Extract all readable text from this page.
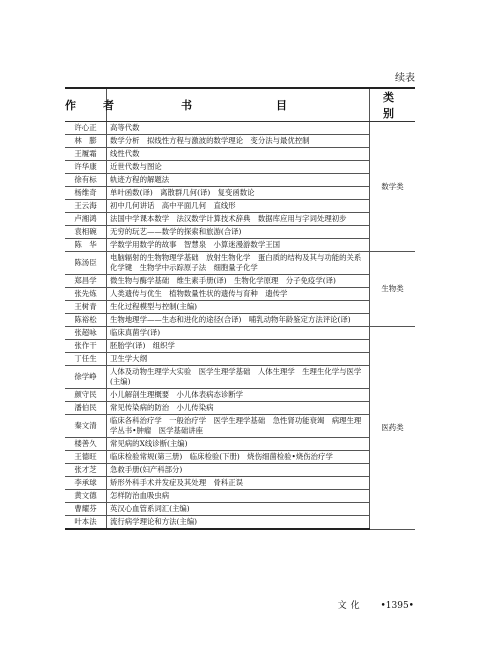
续表
作　者	书　　　　目	类　别
许心正	高等代数	数学类
林　膨	数学分析　拟线性方程与激波的数学理论　变分法与最优控制	
王履霜	线性代数	
许华康	近世代数与图论	
徐有标	轨迹方程的解题法	
杨维奇	单叶函数(译)　离散群几何(译)　复变函数论	
王云海	初中几何讲话　高中平面几何　直线形	
卢湘鸿	法国中学课本数学　法汉数学计算技术辞典　数据库应用与字词处理初步	
袁相碗	无穷的玩艺——数学的探索和旅游(合译)	
陈　华	学数学用数学的故事　智慧泉　小算迷漫游数学王国	
陈汤臣	电脑辐射的生物物理学基础　放射生物化学　蛋白质的结构及其与功能的关系　化学键　生物学中示踪原子法　细胞量子化学	生物类
郑昌学	微生物与酶学基础　维生素手册(译)　生物化学原理　分子免疫学(译)	
张先炼	人类遗传与优生　植物数量性状的遗传与育种　遗传学	
王树青	生化过程模型与控制(主编)	
陈裕松	生物地理学——生态和进化的途径(合译)　哺乳动物年龄鉴定方法评论(译)	
张超咏	临床真菌学(译)	医药类
张作干	胚胎学(译)　组织学	
丁任生	卫生学大纲	
徐学峥	人体及动物生理学大实验　医学生理学基础　人体生理学　生理生化学与医学(主编)	
颜守民	小儿解剖生理概要　小儿体表病态诊断学	
潘伯民	常见传染病的防治　小儿传染病	
秦文清	临床各科治疗学　一般治疗学　医学生理学基础　急性肾功能衰竭　病理生理学丛书•肿瘤　医学基础讲座	
楼善久	常见病的X线诊断(主编)	
王德旺	临床检验常规(第三册)　临床检验(下册)　烧伤细菌检验•烧伤治疗学	
张才芝	急救手册(妇产科部分)	
李承球	矫形外科手术并发症及其处理　骨科正误	
黄文德	怎样防治血吸虫病	
曹耀芬	英汉心血管系词汇(主编)	
叶本法	流行病学理论和方法(主编)	
文化 •1395•
